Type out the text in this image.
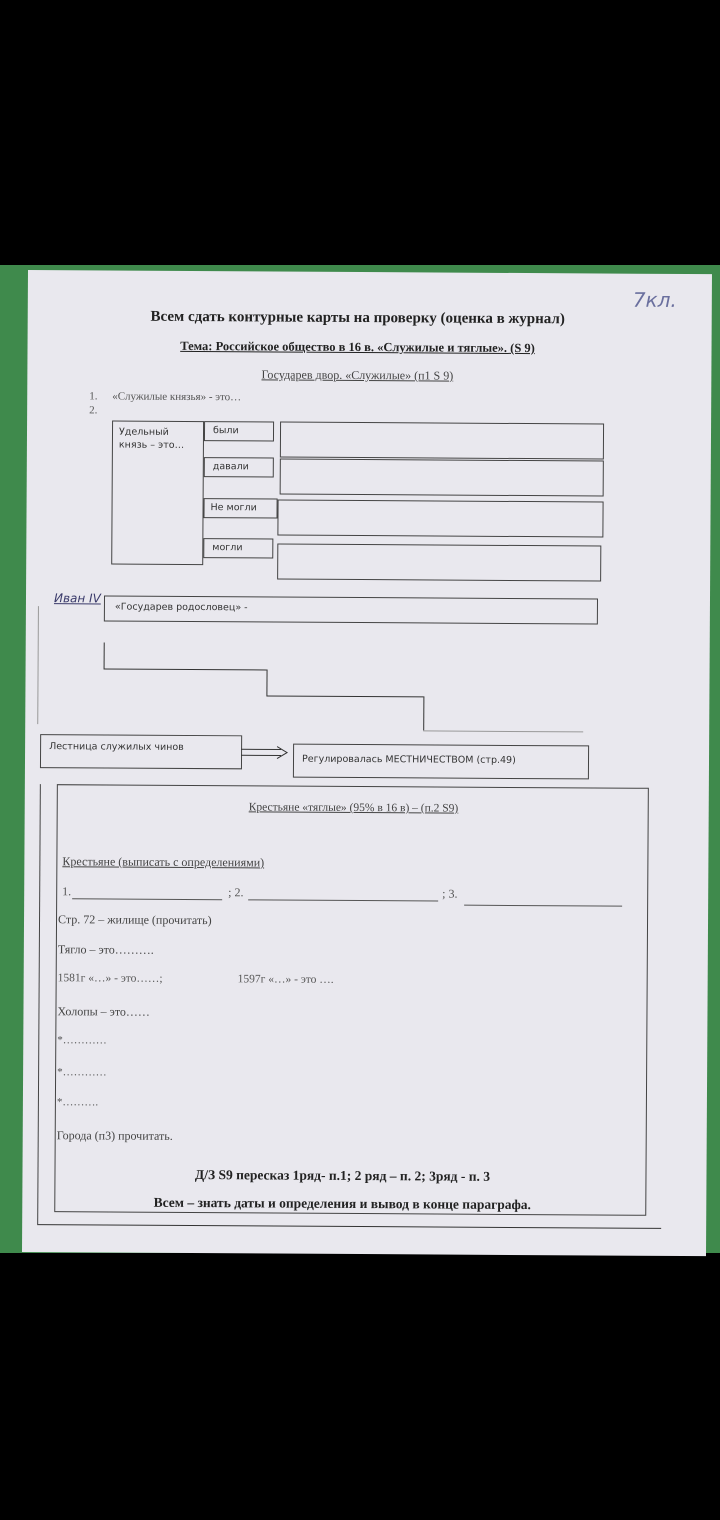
7кл.
Всем сдать контурные карты на проверку (оценка в журнал)
Тема: Российское общество в 16 в. «Служилые и тяглые». (S 9)
Государев двор. «Служилые» (п1 S 9)
1. «Служилые князья» - это…
2.
Удельный князь – это…
были
давали
Не могли
могли
Иван IV
«Государев родословец» -
Лестница служилых чинов
Регулировалась МЕСТНИЧЕСТВОМ (стр.49)
Крестьяне «тяглые» (95% в 16 в) – (п.2 S9)
Крестьяне (выписать с определениями)
1.	; 2.	; 3.
Стр. 72 – жилище (прочитать)
Тягло – это……….
1581г «…» - это……;	1597г «…» - это ….
Холопы – это……
*…………
*…………
*……….
Города (п3) прочитать.
Д/З S9 пересказ 1ряд- п.1; 2 ряд – п. 2; 3ряд - п. 3
Всем – знать даты и определения и вывод в конце параграфа.
